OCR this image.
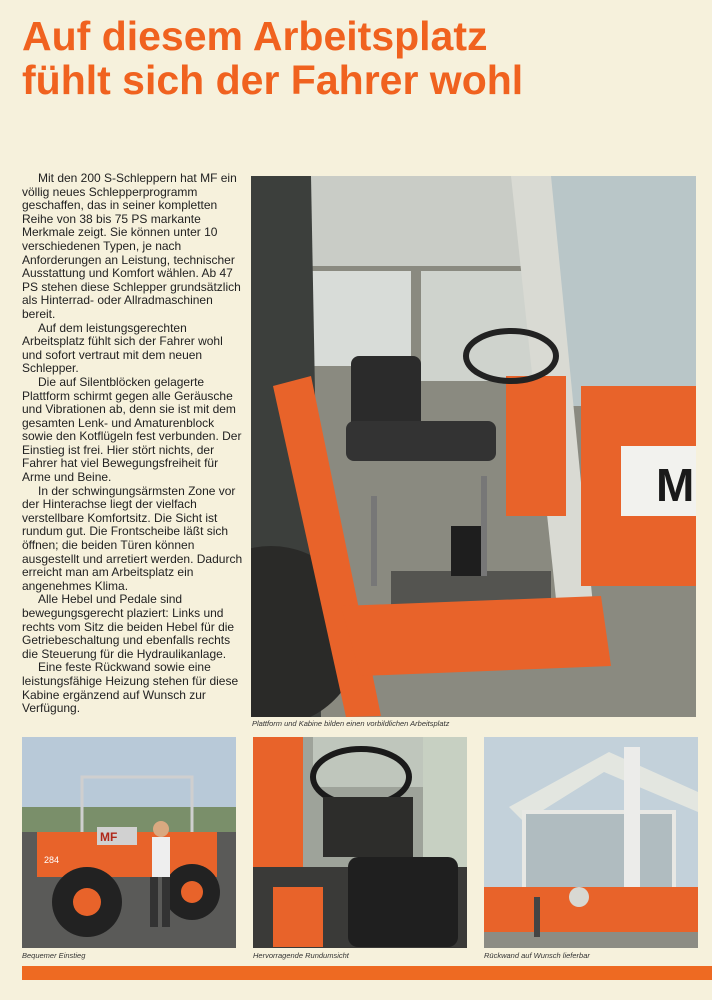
Auf diesem Arbeitsplatz
fühlt sich der Fahrer wohl

Mit den 200 S-Schleppern hat MF ein völlig neues Schlepperprogramm geschaffen, das in seiner kompletten Reihe von 38 bis 75 PS markante Merkmale zeigt. Sie können unter 10 verschiedenen Typen, je nach Anforderungen an Leistung, technischer Ausstattung und Komfort wählen. Ab 47 PS stehen diese Schlepper grundsätzlich als Hinterrad- oder Allradmaschinen bereit.

Auf dem leistungsgerechten Arbeitsplatz fühlt sich der Fahrer wohl und sofort vertraut mit dem neuen Schlepper.

Die auf Silentblöcken gelagerte Plattform schirmt gegen alle Geräusche und Vibrationen ab, denn sie ist mit dem gesamten Lenk- und Amaturenblock sowie den Kotflügeln fest verbunden. Der Einstieg ist frei. Hier stört nichts, der Fahrer hat viel Bewegungsfreiheit für Arme und Beine.

In der schwingungsärmsten Zone vor der Hinterachse liegt der vielfach verstellbare Komfortsitz. Die Sicht ist rundum gut. Die Frontscheibe läßt sich öffnen; die beiden Türen können ausgestellt und arretiert werden. Dadurch erreicht man am Arbeitsplatz ein angenehmes Klima.

Alle Hebel und Pedale sind bewegungsgerecht plaziert: Links und rechts vom Sitz die beiden Hebel für die Getriebeschaltung und ebenfalls rechts die Steuerung für die Hydraulikanlage.

Eine feste Rückwand sowie eine leistungsfähige Heizung stehen für diese Kabine ergänzend auf Wunsch zur Verfügung.

M
Plattform und Kabine bilden einen vorbildlichen Arbeitsplatz
MF
284
Bequemer Einstieg	Hervorragende Rundumsicht	Rückwand auf Wunsch lieferbar
